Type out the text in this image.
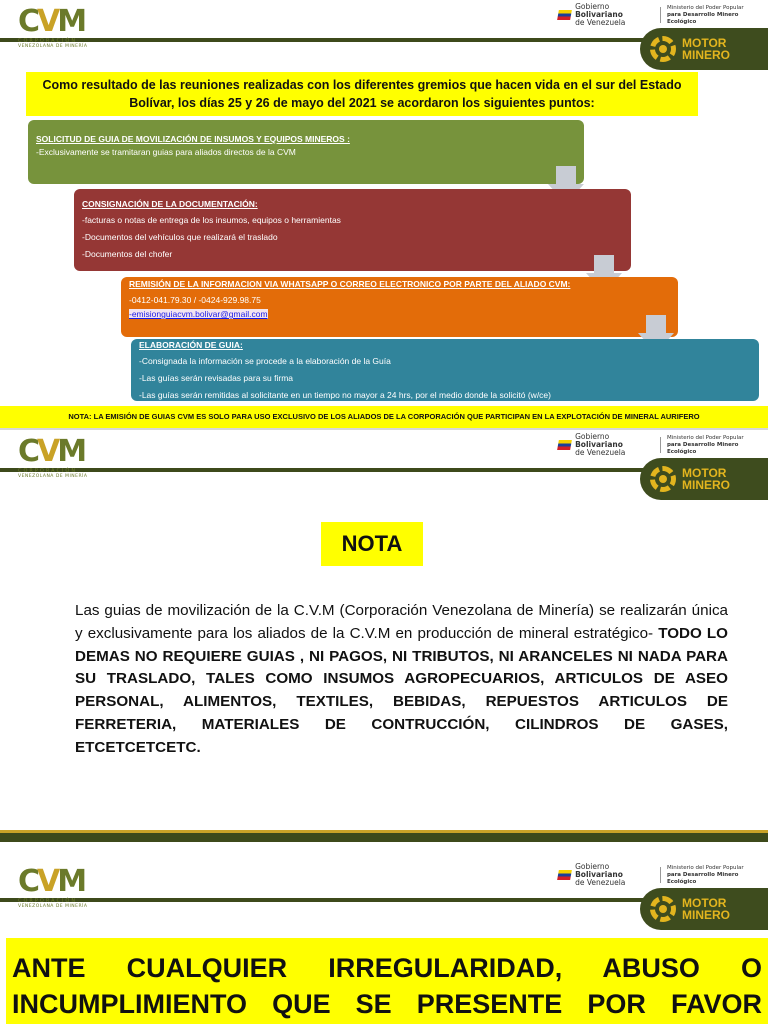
C V M
CORPORACIÓN
VENEZOLANA DE MINERÍA
Gobierno Bolivariano
de Venezuela
Ministerio del Poder Popular
para Desarrollo Minero Ecológico
MOTOR
MINERO
Como resultado de las reuniones realizadas con los diferentes gremios que hacen vida en el sur del Estado Bolívar, los días 25 y 26 de mayo del 2021 se acordaron los siguientes puntos:
SOLICITUD DE GUIA DE MOVILIZACIÓN DE INSUMOS Y EQUIPOS MINEROS :
-Exclusivamente se tramitaran guias para aliados directos de la CVM
CONSIGNACIÓN DE LA DOCUMENTACIÓN:
-facturas o notas de entrega de los insumos, equipos o herramientas
-Documentos del vehículos que realizará el traslado
-Documentos del chofer
REMISIÓN DE LA INFORMACION VIA WHATSAPP O CORREO ELECTRONICO POR PARTE DEL ALIADO CVM:
-0412-041.79.30 / -0424-929.98.75
-emisionguiacvm.bolivar@gmail.com
ELABORACIÓN DE GUIA:
-Consignada la información se procede a la elaboración de la Guía
-Las guías serán revisadas para su firma
-Las guías serán remitidas al solicitante en un tiempo no mayor a 24 hrs, por el medio donde la solicitó (w/ce)
NOTA: LA EMISIÓN DE GUIAS CVM ES SOLO PARA USO EXCLUSIVO DE LOS ALIADOS DE LA CORPORACIÓN QUE PARTICIPAN EN LA EXPLOTACIÓN DE MINERAL AURIFERO
C V M
CORPORACIÓN
VENEZOLANA DE MINERÍA
Gobierno Bolivariano
de Venezuela
Ministerio del Poder Popular
para Desarrollo Minero Ecológico
MOTOR
MINERO
NOTA
Las guias de movilización de la C.V.M (Corporación Venezolana de Minería) se realizarán única y exclusivamente para los aliados de la C.V.M en producción de mineral estratégico- TODO LO DEMAS NO REQUIERE GUIAS , NI PAGOS, NI TRIBUTOS, NI ARANCELES NI NADA PARA SU TRASLADO, TALES COMO INSUMOS AGROPECUARIOS, ARTICULOS DE ASEO PERSONAL, ALIMENTOS, TEXTILES, BEBIDAS, REPUESTOS ARTICULOS DE FERRETERIA, MATERIALES DE CONTRUCCIÓN, CILINDROS DE GASES, ETCETCETCETC.
C V M
CORPORACIÓN
VENEZOLANA DE MINERÍA
Gobierno Bolivariano
de Venezuela
Ministerio del Poder Popular
para Desarrollo Minero Ecológico
MOTOR
MINERO
ANTE CUALQUIER IRREGULARIDAD, ABUSO O INCUMPLIMIENTO QUE SE PRESENTE POR FAVOR
